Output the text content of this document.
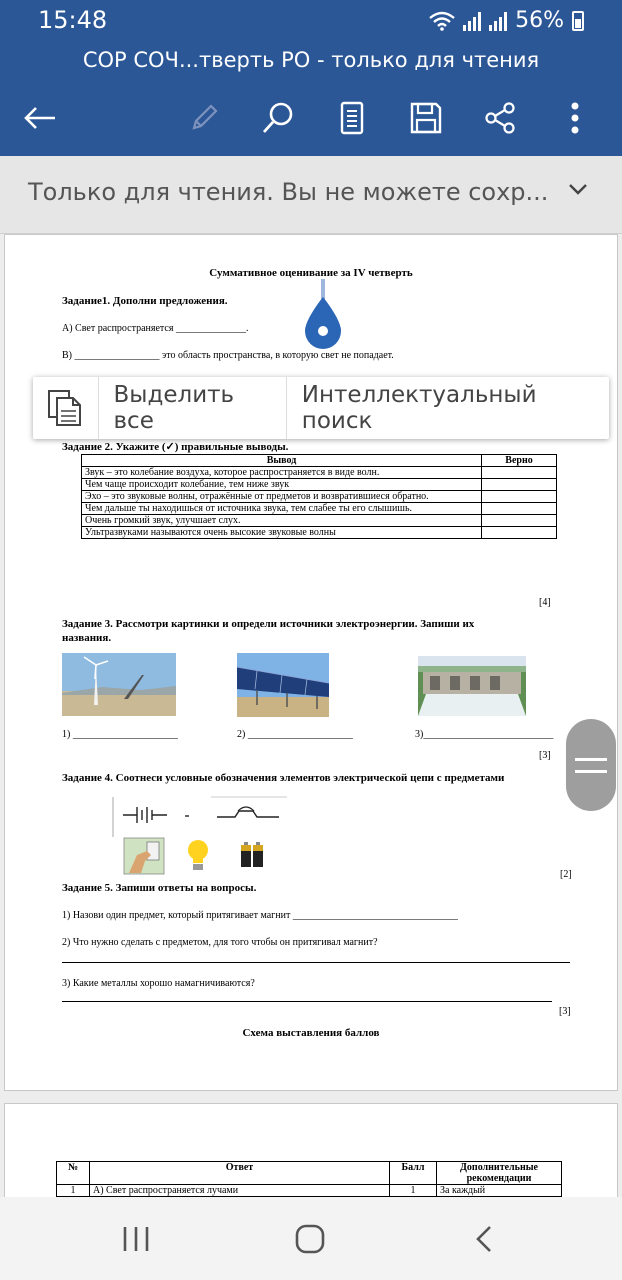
15:48	56%
СОР СОЧ...тверть РО - только для чтения
Только для чтения. Вы не можете сохр...
Суммативное оценивание за IV четверть
Задание1. Дополни предложения.
А) Свет распространяется ______________.
В) _________________ это область пространства, в которую свет не попадает.
Задание 2. Укажите (✓) правильные выводы.
Вывод	Верно
Звук – это колебание воздуха, которое распространяется в виде волн.	
Чем чаще происходит колебание, тем ниже звук	
Эхо – это звуковые волны, отражённые от предметов и возвратившиеся обратно.	
Чем дальше ты находишься от источника звука, тем слабее ты его слышишь.	
Очень громкий звук, улучшает слух.	
Ультразвуками называются очень высокие звуковые волны	
[4]
Задание 3. Рассмотри картинки и определи источники электроэнергии. Запиши их
названия.
1) _____________________	2) _____________________	3)__________________________
[3]
Задание 4. Соотнеси условные обозначения элементов электрической цепи с предметами
[2]
Задание 5. Запиши ответы на вопросы.
1) Назови один предмет, который притягивает магнит _________________________________
2) Что нужно сделать с предметом, для того чтобы он притягивал магнит?
3) Какие металлы хорошо намагничиваются?
[3]
Схема выставления баллов
№	Ответ	Балл	Дополнительные рекомендации
1	А) Свет распространяется лучами	1	За каждый
Выделить все
Интеллектуальный поиск
